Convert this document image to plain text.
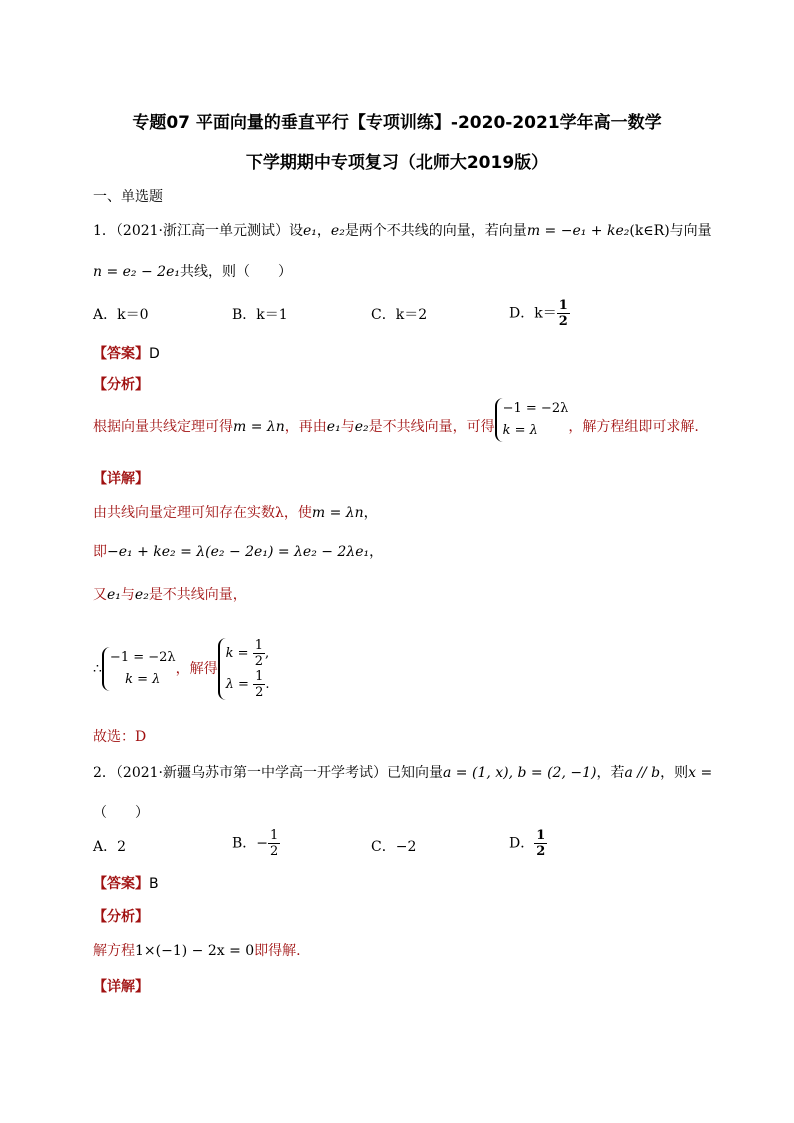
专题07 平面向量的垂直平行【专项训练】-2020-2021学年高一数学
下学期期中专项复习（北师大2019版）
一、单选题
1．（2021·浙江高一单元测试）设e₁，e₂是两个不共线的向量，若向量m = −e₁ + ke₂(k∈R)与向量
n = e₂ − 2e₁共线，则（　　）
A．k＝0	B．k＝1	C．k＝2	D．$k= \frac{1}{2}$
【答案】D
【分析】
根据向量共线定理可得m = λn，再由e₁与e₂是不共线向量，可得
−1 = −2λ
k = λ	，解方程组即可求解.
【详解】
由共线向量定理可知存在实数λ，使m = λn，
即−e₁ + ke₂ = λ(e₂ − 2e₁) = λe₂ − 2λe₁，
又e₁与e₂是不共线向量，
∴
−1 = −2λ
k = λ
，解得
$k = \frac{1}{2}$ ,
$\lambda = \frac{1}{2}$ .
故选：D
2．（2021·新疆乌苏市第一中学高一开学考试）已知向量a = (1, x), b = (2, −1)，若a // b，则x =
（　　）
A．2	B．− $\frac{1}{2}$	C．−2	D． $\frac{1}{2}$
【答案】B
【分析】
解方程1×(−1) − 2x = 0即得解.
【详解】
